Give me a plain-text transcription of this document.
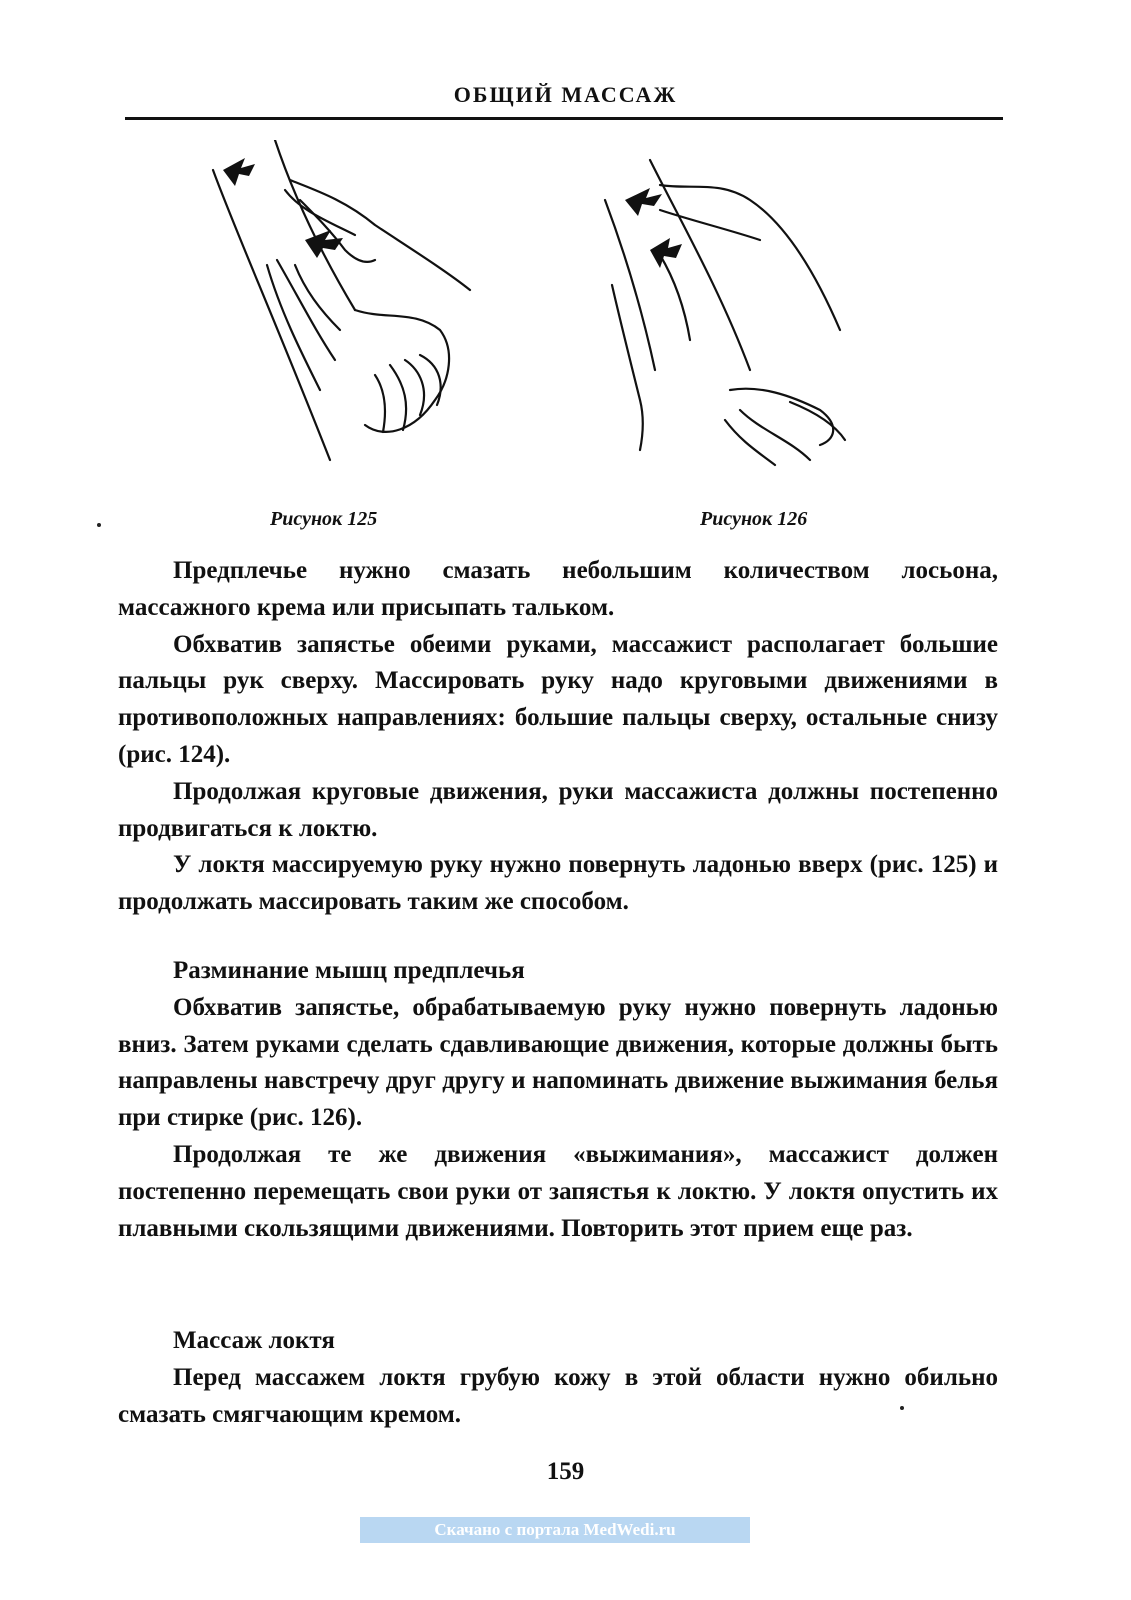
ОБЩИЙ МАССАЖ
Рисунок 125	Рисунок 126

Предплечье нужно смазать небольшим количеством лосьона, массажного крема или присыпать тальком.

Обхватив запястье обеими руками, массажист располагает большие пальцы рук сверху. Массировать руку надо круговыми движениями в противоположных направлениях: большие пальцы сверху, остальные снизу (рис. 124).

Продолжая круговые движения, руки массажиста должны постепенно продвигаться к локтю.

У локтя массируемую руку нужно повернуть ладонью вверх (рис. 125) и продолжать массировать таким же способом.

Разминание мышц предплечья

Обхватив запястье, обрабатываемую руку нужно повернуть ладонью вниз. Затем руками сделать сдавливающие движения, которые должны быть направлены навстречу друг другу и напоминать движение выжимания белья при стирке (рис. 126).

Продолжая те же движения «выжимания», массажист должен постепенно перемещать свои руки от запястья к локтю. У локтя опустить их плавными скользящими движениями. Повторить этот прием еще раз.

Массаж локтя

Перед массажем локтя грубую кожу в этой области нужно обильно смазать смягчающим кремом.

159
Скачано с портала MedWedi.ru
